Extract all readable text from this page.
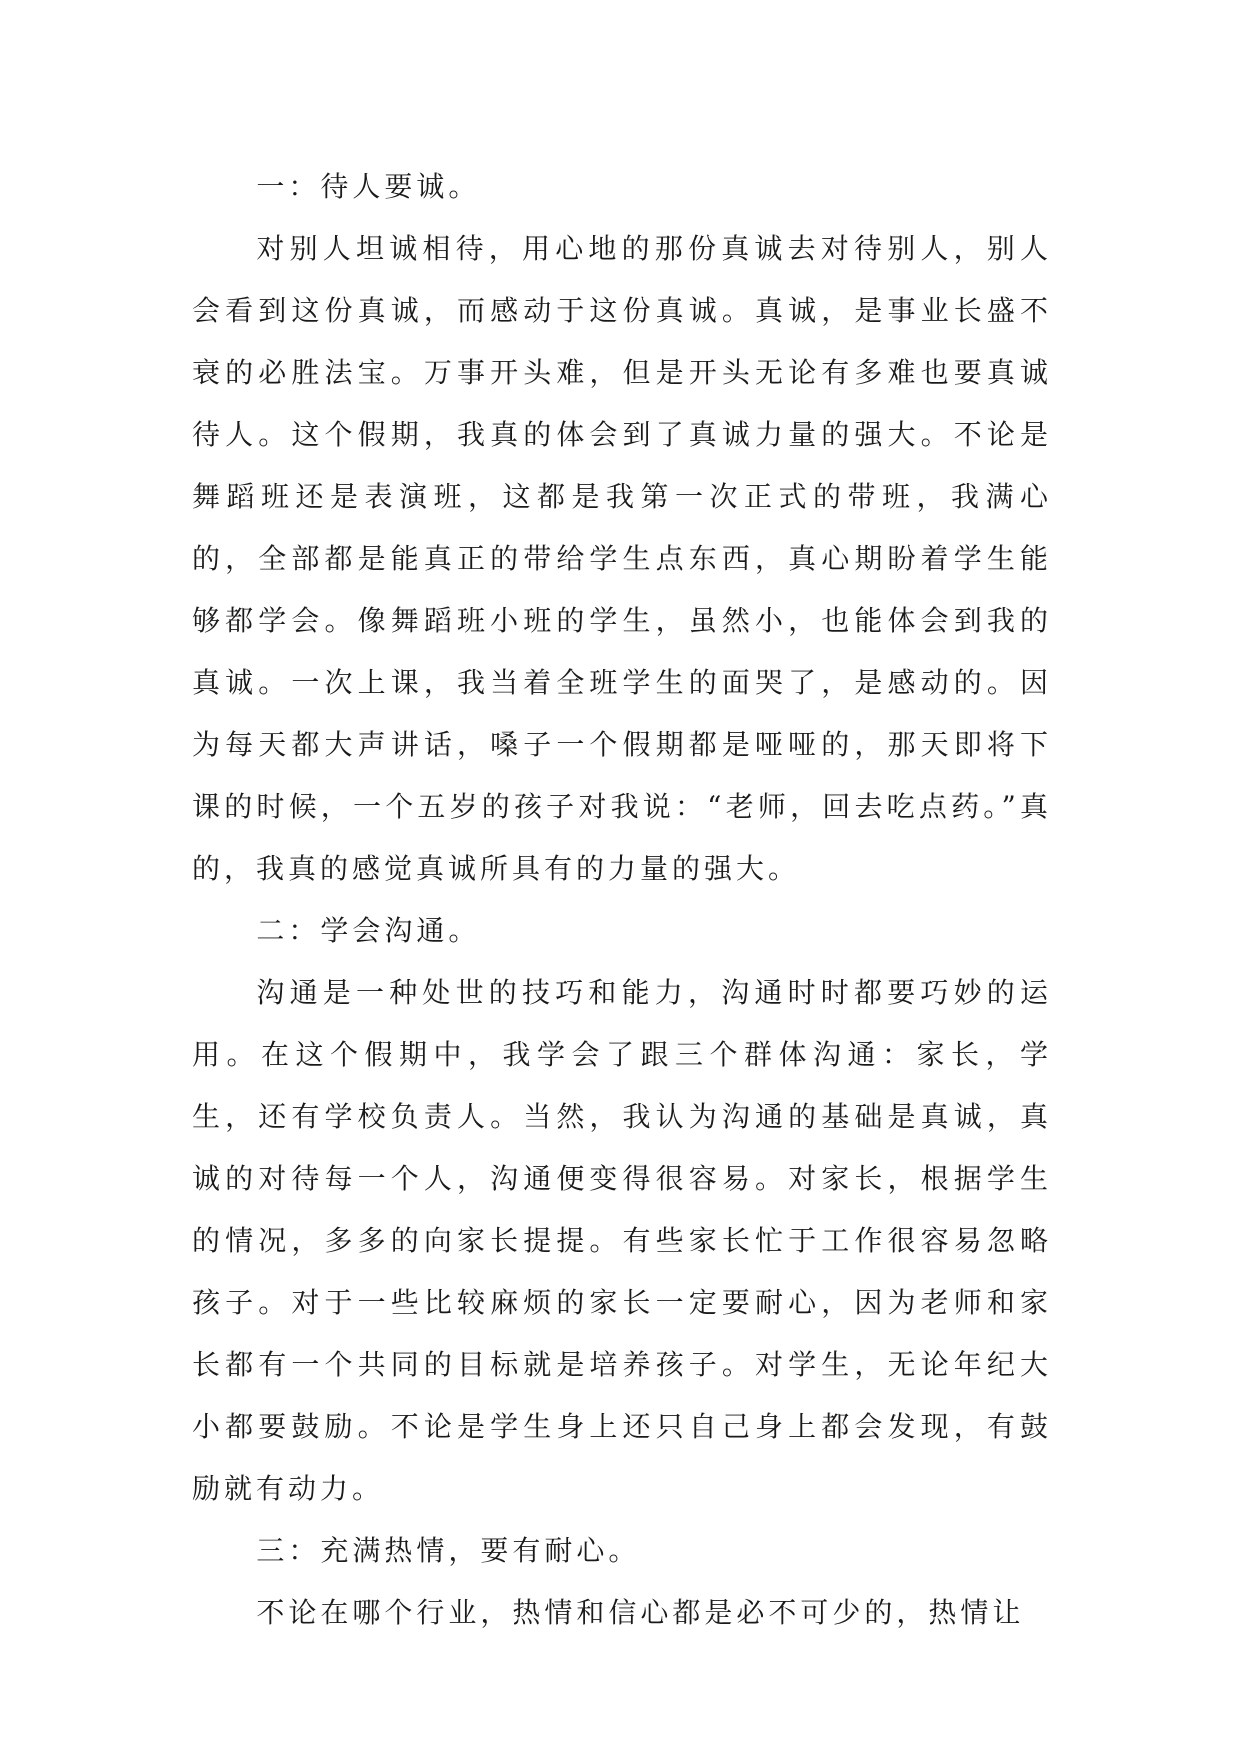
一：待人要诚。

对别人坦诚相待，用心地的那份真诚去对待别人，别人会看到这份真诚，而感动于这份真诚。真诚，是事业长盛不衰的必胜法宝。万事开头难，但是开头无论有多难也要真诚待人。这个假期，我真的体会到了真诚力量的强大。不论是舞蹈班还是表演班，这都是我第一次正式的带班，我满心的，全部都是能真正的带给学生点东西，真心期盼着学生能够都学会。像舞蹈班小班的学生，虽然小，也能体会到我的真诚。一次上课，我当着全班学生的面哭了，是感动的。因为每天都大声讲话，嗓子一个假期都是哑哑的，那天即将下课的时候，一个五岁的孩子对我说：“老师，回去吃点药。”真的，我真的感觉真诚所具有的力量的强大。

二：学会沟通。

沟通是一种处世的技巧和能力，沟通时时都要巧妙的运用。在这个假期中，我学会了跟三个群体沟通：家长，学生，还有学校负责人。当然，我认为沟通的基础是真诚，真诚的对待每一个人，沟通便变得很容易。对家长，根据学生的情况，多多的向家长提提。有些家长忙于工作很容易忽略孩子。对于一些比较麻烦的家长一定要耐心，因为老师和家长都有一个共同的目标就是培养孩子。对学生，无论年纪大小都要鼓励。不论是学生身上还只自己身上都会发现，有鼓励就有动力。

三：充满热情，要有耐心。

不论在哪个行业，热情和信心都是必不可少的，热情让
